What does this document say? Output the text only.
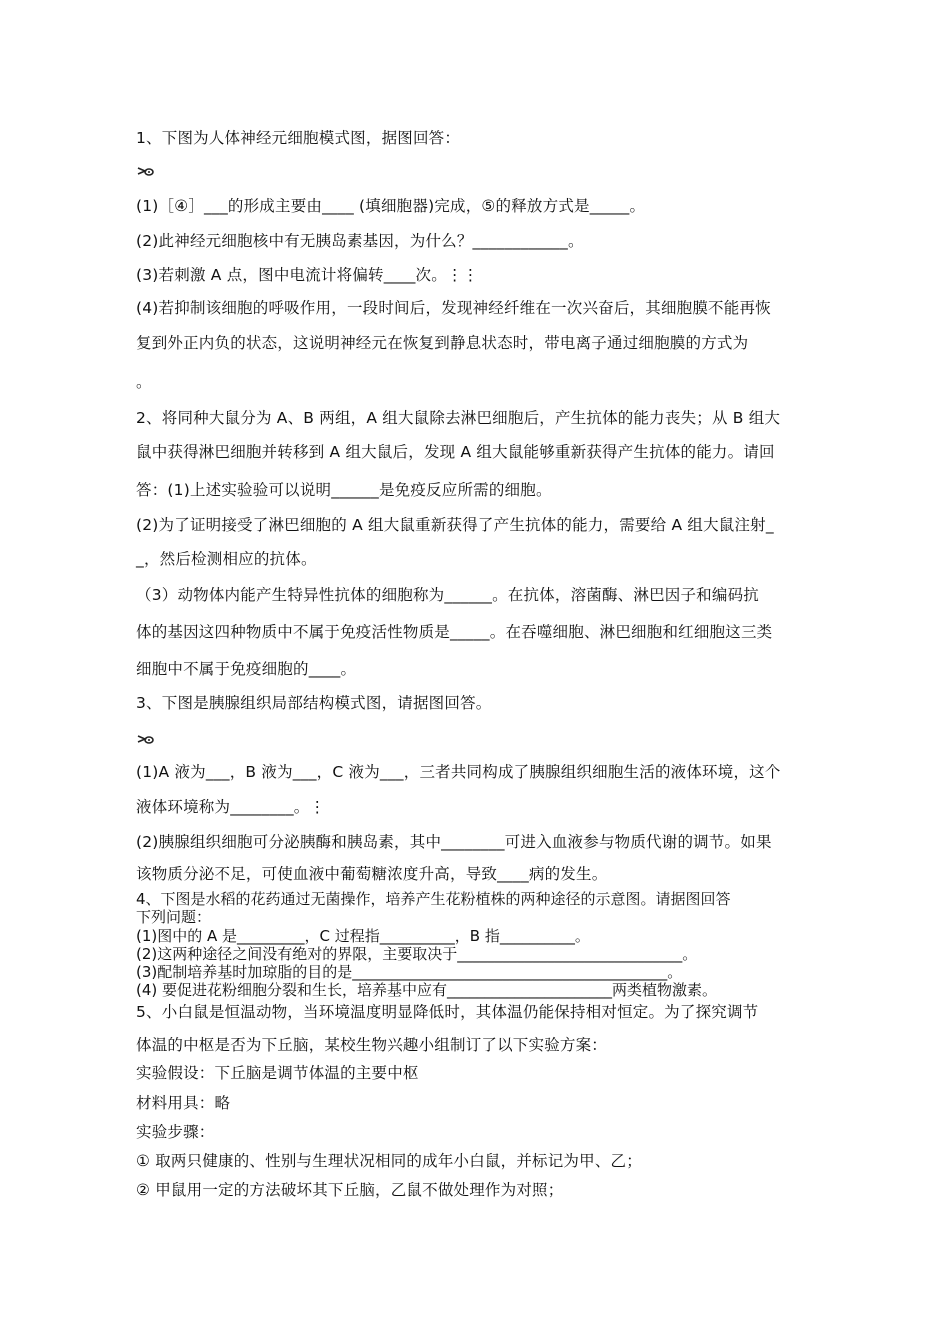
1、下图为人体神经元细胞模式图，据图回答：
(1)［④］___的形成主要由____ (填细胞器)完成，⑤的释放方式是_____。
(2)此神经元细胞核中有无胰岛素基因，为什么？____________。
(3)若刺激 A 点，图中电流计将偏转____次。⋮⋮
(4)若抑制该细胞的呼吸作用，一段时间后，发现神经纤维在一次兴奋后，其细胞膜不能再恢
复到外正内负的状态，这说明神经元在恢复到静息状态时，带电离子通过细胞膜的方式为
。
2、将同种大鼠分为 A、B 两组，A 组大鼠除去淋巴细胞后，产生抗体的能力丧失；从 B 组大
鼠中获得淋巴细胞并转移到 A 组大鼠后，发现 A 组大鼠能够重新获得产生抗体的能力。请回
答：(1)上述实验验可以说明______是免疫反应所需的细胞。
(2)为了证明接受了淋巴细胞的 A 组大鼠重新获得了产生抗体的能力，需要给 A 组大鼠注射_
_，然后检测相应的抗体。
（3）动物体内能产生特异性抗体的细胞称为______。在抗体，溶菌酶、淋巴因子和编码抗
体的基因这四种物质中不属于免疫活性物质是_____。在吞噬细胞、淋巴细胞和红细胞这三类
细胞中不属于免疫细胞的____。
3、下图是胰腺组织局部结构模式图，请据图回答。
(1)A 液为___，B 液为___，C 液为___，三者共同构成了胰腺组织细胞生活的液体环境，这个
液体环境称为________。⋮
(2)胰腺组织细胞可分泌胰酶和胰岛素，其中________可进入血液参与物质代谢的调节。如果
该物质分泌不足，可使血液中葡萄糖浓度升高，导致____病的发生。
4、下图是水稻的花药通过无菌操作，培养产生花粉植株的两种途径的示意图。请据图回答
下列问题：
(1)图中的 A 是_________，C 过程指__________，B 指__________。
(2)这两种途径之间没有绝对的界限，主要取决于______________________________。
(3)配制培养基时加琼脂的目的是__________________________________________。
(4) 要促进花粉细胞分裂和生长，培养基中应有______________________两类植物激素。
5、小白鼠是恒温动物，当环境温度明显降低时，其体温仍能保持相对恒定。为了探究调节
体温的中枢是否为下丘脑，某校生物兴趣小组制订了以下实验方案：
实验假设：下丘脑是调节体温的主要中枢
材料用具：略
实验步骤：
① 取两只健康的、性别与生理状况相同的成年小白鼠，并标记为甲、乙；
② 甲鼠用一定的方法破坏其下丘脑，乙鼠不做处理作为对照；
